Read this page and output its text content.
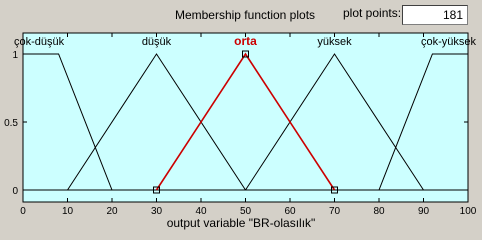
Membership function plots	plot points:
181
0	10	20	30	40	50	60	70	80	90	100
0
0.5
1
çok-düşük	düşük	yüksek	çok-yüksek
orta
output variable "BR-olasılık"
